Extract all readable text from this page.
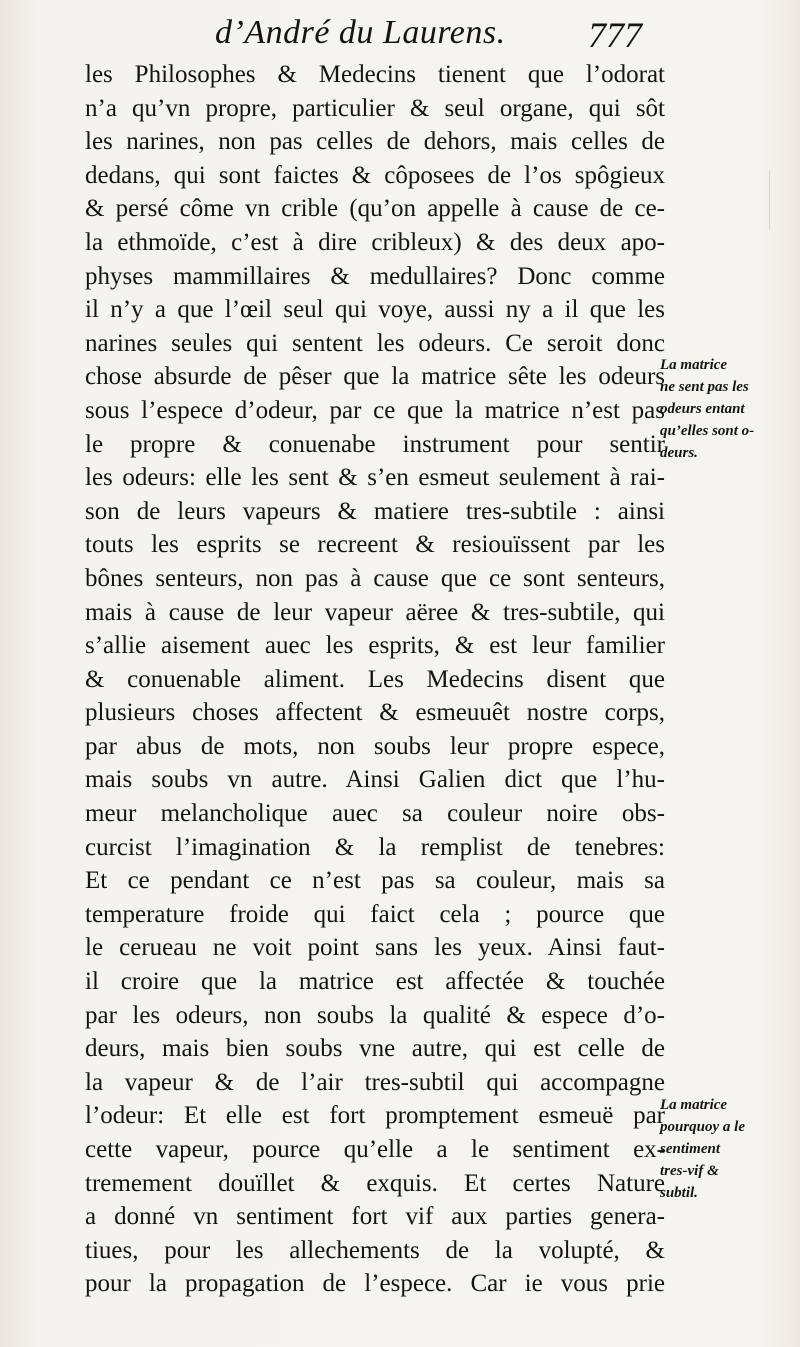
d’André du Laurens. 777
les Philosophes & Medecins tienent que l’odorat
n’a qu’vn propre, particulier & seul organe, qui sôt
les narines, non pas celles de dehors, mais celles de
dedans, qui sont faictes & côposees de l’os spôgieux
& persé côme vn crible (qu’on appelle à cause de ce-
la ethmoïde, c’est à dire cribleux) & des deux apo-
physes mammillaires & medullaires? Donc comme
il n’y a que l’œil seul qui voye, aussi ny a il que les
narines seules qui sentent les odeurs. Ce seroit donc
chose absurde de pêser que la matrice sête les odeurs
sous l’espece d’odeur, par ce que la matrice n’est pas
le propre & conuenabe instrument pour sentir
les odeurs: elle les sent & s’en esmeut seulement à rai-
son de leurs vapeurs & matiere tres-subtile : ainsi
touts les esprits se recreent & resiouïssent par les
bônes senteurs, non pas à cause que ce sont senteurs,
mais à cause de leur vapeur aëree & tres-subtile, qui
s’allie aisement auec les esprits, & est leur familier
& conuenable aliment. Les Medecins disent que
plusieurs choses affectent & esmeuuêt nostre corps,
par abus de mots, non soubs leur propre espece,
mais soubs vn autre. Ainsi Galien dict que l’hu-
meur melancholique auec sa couleur noire obs-
curcist l’imagination & la remplist de tenebres:
Et ce pendant ce n’est pas sa couleur, mais sa
temperature froide qui faict cela ; pource que
le cerueau ne voit point sans les yeux. Ainsi faut-
il croire que la matrice est affectée & touchée
par les odeurs, non soubs la qualité & espece d’o-
deurs, mais bien soubs vne autre, qui est celle de
la vapeur & de l’air tres-subtil qui accompagne
l’odeur: Et elle est fort promptement esmeuë par
cette vapeur, pource qu’elle a le sentiment ex-
tremement douïllet & exquis. Et certes Nature
a donné vn sentiment fort vif aux parties genera-
tiues, pour les allechements de la volupté, &
pour la propagation de l’espece. Car ie vous prie
La matrice
ne sent pas les
odeurs entant
qu’elles sont o-
deurs.
La matrice
pourquoy a le
sentiment
tres-vif &
subtil.
